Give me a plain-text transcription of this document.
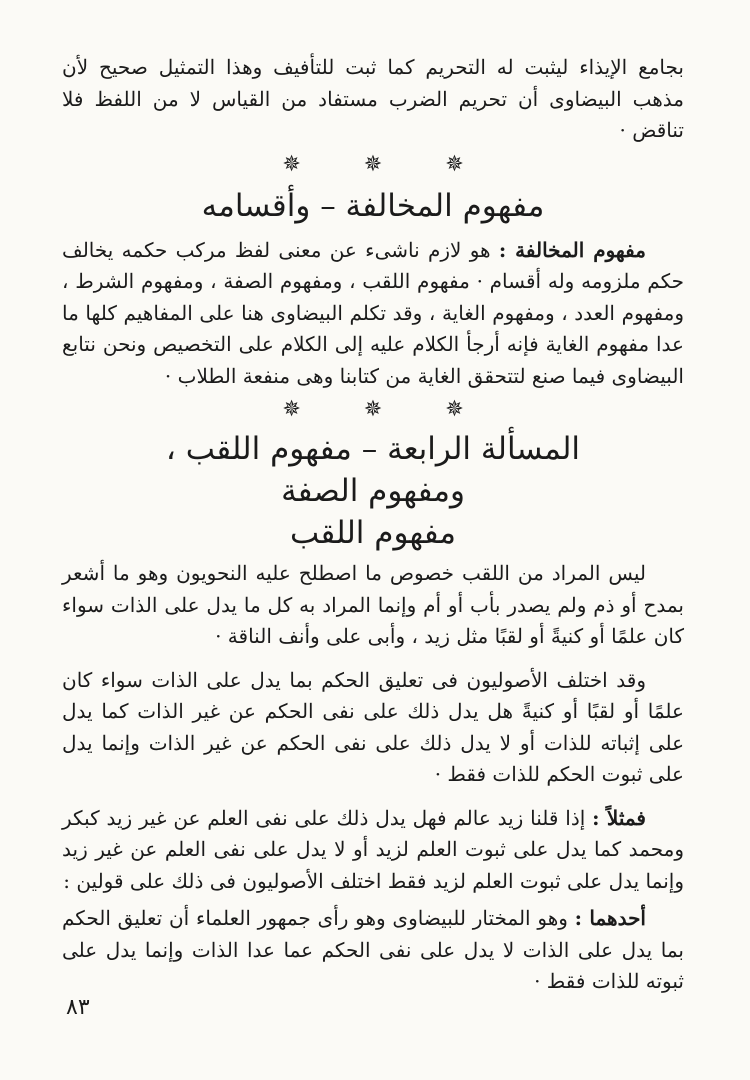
بجامع الإيذاء ليثبت له التحريم كما ثبت للتأفيف وهذا التمثيل صحيح لأن مذهب البيضاوى أن تحريم الضرب مستفاد من القياس لا من اللفظ فلا تناقض ·

✵ ✵ ✵
مفهوم المخالفة – وأقسامه

مفهوم المخالفة : هو لازم ناشىء عن معنى لفظ مركب حكمه يخالف حكم ملزومه وله أقسام · مفهوم اللقب ، ومفهوم الصفة ، ومفهوم الشرط ، ومفهوم العدد ، ومفهوم الغاية ، وقد تكلم البيضاوى هنا على المفاهيم كلها ما عدا مفهوم الغاية فإنه أرجأ الكلام عليه إلى الكلام على التخصيص ونحن نتابع البيضاوى فيما صنع لتتحقق الغاية من كتابنا وهى منفعة الطلاب ·

✵ ✵ ✵
المسألة الرابعة – مفهوم اللقب ،
ومفهوم الصفة
مفهوم اللقب

ليس المراد من اللقب خصوص ما اصطلح عليه النحويون وهو ما أشعر بمدح أو ذم ولم يصدر بأب أو أم وإنما المراد به كل ما يدل على الذات سواء كان علمًا أو كنيةً أو لقبًا مثل زيد ، وأبى على وأنف الناقة ·

وقد اختلف الأصوليون فى تعليق الحكم بما يدل على الذات سواء كان علمًا أو لقبًا أو كنيةً هل يدل ذلك على نفى الحكم عن غير الذات كما يدل على إثباته للذات أو لا يدل ذلك على نفى الحكم عن غير الذات وإنما يدل على ثبوت الحكم للذات فقط ·

فمثلاً : إذا قلنا زيد عالم فهل يدل ذلك على نفى العلم عن غير زيد كبكر ومحمد كما يدل على ثبوت العلم لزيد أو لا يدل على نفى العلم عن غير زيد وإنما يدل على ثبوت العلم لزيد فقط اختلف الأصوليون فى ذلك على قولين :

أحدهما : وهو المختار للبيضاوى وهو رأى جمهور العلماء أن تعليق الحكم بما يدل على الذات لا يدل على نفى الحكم عما عدا الذات وإنما يدل على ثبوته للذات فقط ·

٨٣
